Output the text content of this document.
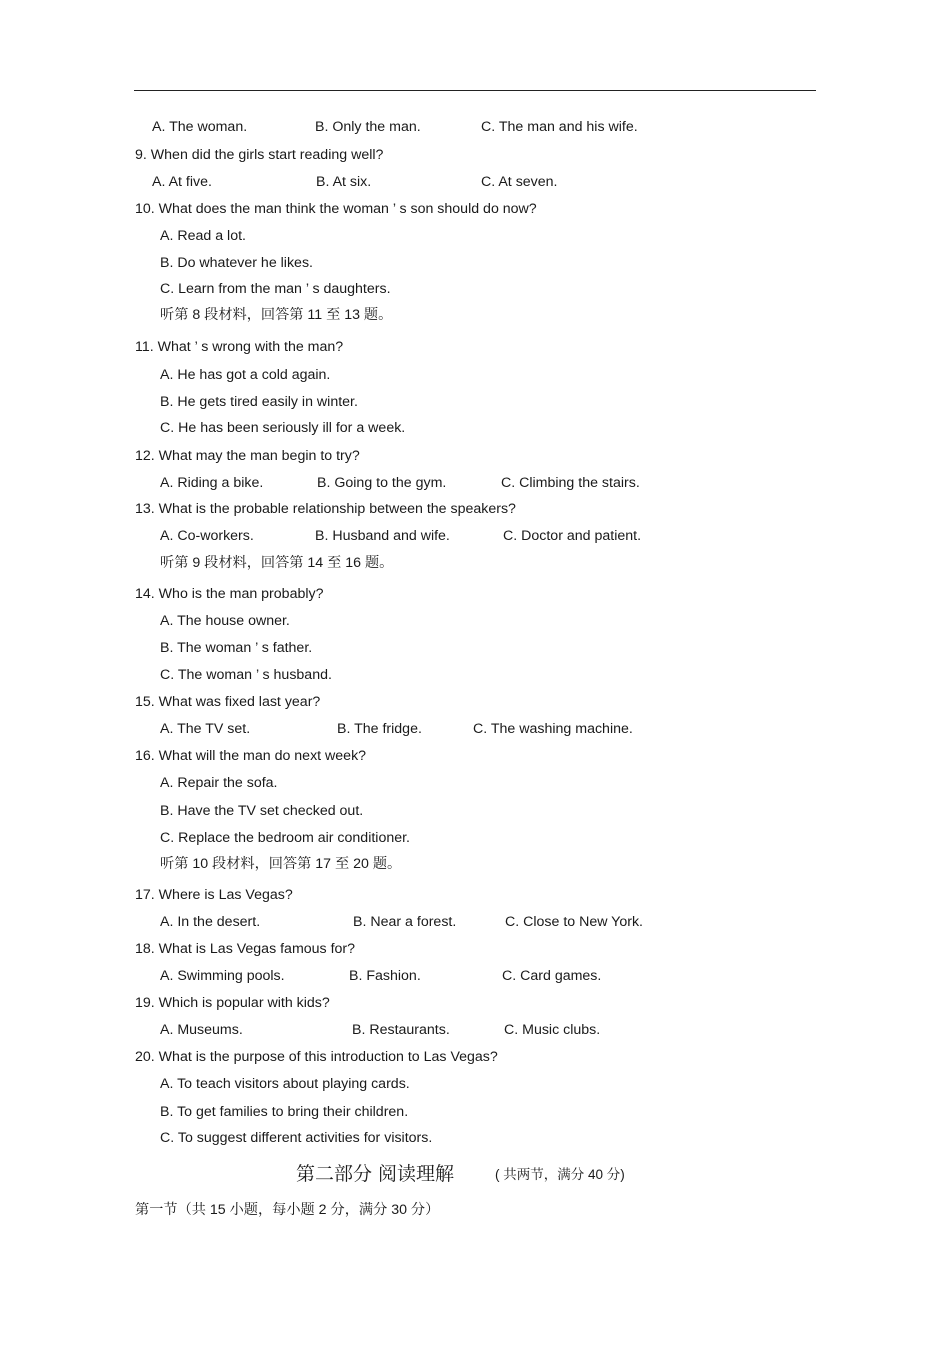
A. The woman.	B. Only the man.	C. The man and his wife.
9. When did the girls start reading well?
A. At five.	B. At six.	C. At seven.
10. What does the man think the woman ’ s son should do now?
A. Read a lot.
B. Do whatever he likes.
C. Learn from the man ’ s daughters.
听第 8 段材料，回答第 11 至 13 题。
11. What ’ s wrong with the man?
A. He has got a cold again.
B. He gets tired easily in winter.
C. He has been seriously ill for a week.
12. What may the man begin to try?
A. Riding a bike.	B. Going to the gym.	C. Climbing the stairs.
13. What is the probable relationship between the speakers?
A. Co-workers.	B. Husband and wife.	C. Doctor and patient.
听第 9 段材料，回答第 14 至 16 题。
14. Who is the man probably?
A. The house owner.
B. The woman ’ s father.
C. The woman ’ s husband.
15. What was fixed last year?
A. The TV set.	B. The fridge.	C. The washing machine.
16. What will the man do next week?
A. Repair the sofa.
B. Have the TV set checked out.
C. Replace the bedroom air conditioner.
听第 10 段材料，回答第 17 至 20 题。
17. Where is Las Vegas?
A. In the desert.	B. Near a forest.	C. Close to New York.
18. What is Las Vegas famous for?
A. Swimming pools.	B. Fashion.	C. Card games.
19. Which is popular with kids?
A. Museums.	B. Restaurants.	C. Music clubs.
20. What is the purpose of this introduction to Las Vegas?
A. To teach visitors about playing cards.
B. To get families to bring their children.
C. To suggest different activities for visitors.
第二部分 阅读理解	( 共两节，满分 40 分)
第一节（共 15 小题，每小题 2 分，满分 30 分）
